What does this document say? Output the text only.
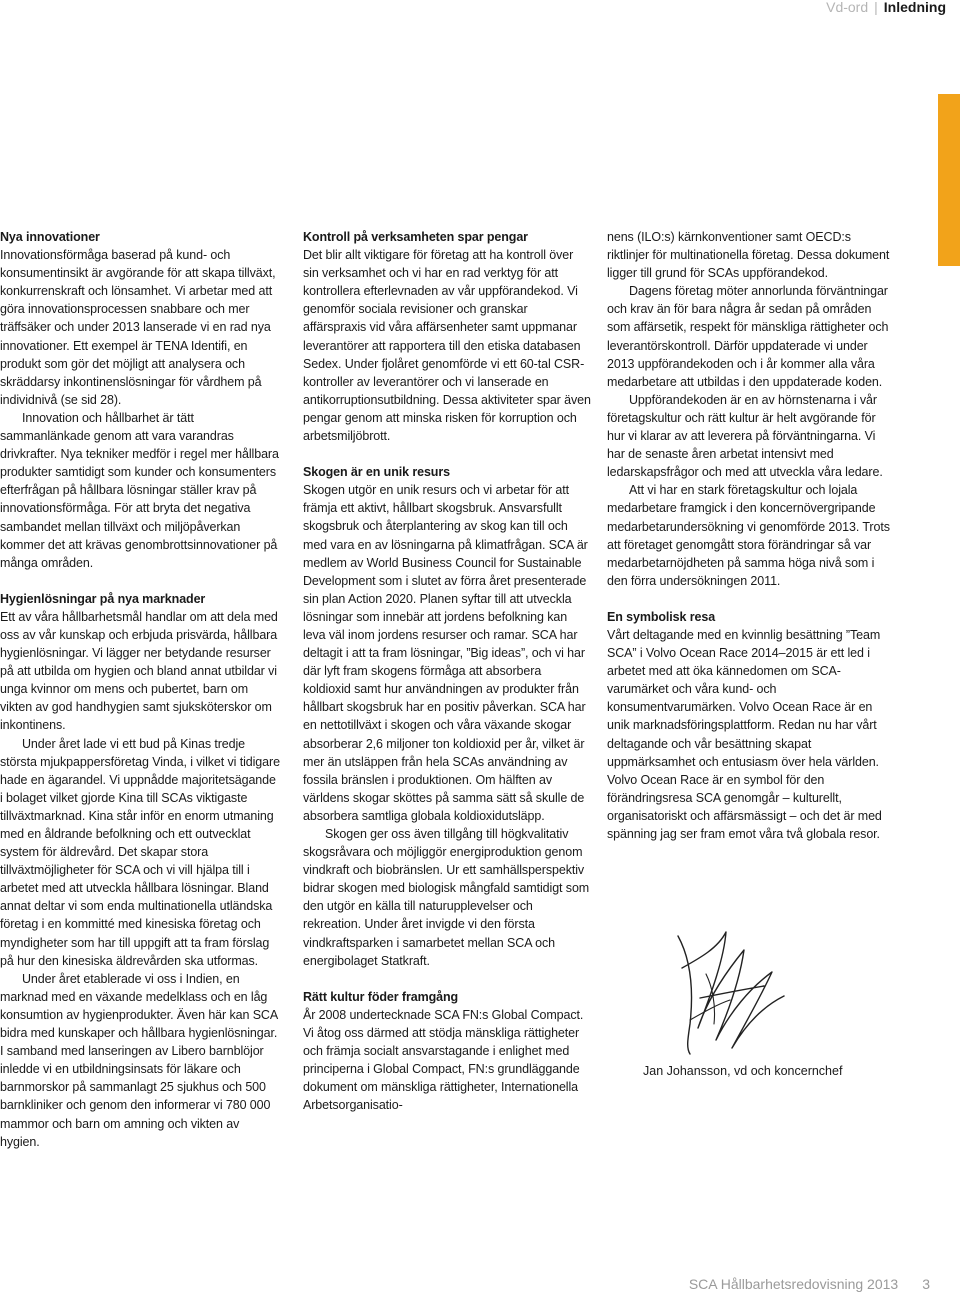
Vd-ord | Inledning
Nya innovationer

Innovationsförmåga baserad på kund- och konsumentinsikt är avgörande för att skapa tillväxt, konkurrenskraft och lönsamhet. Vi arbetar med att göra innovationsprocessen snabbare och mer träffsäker och under 2013 lanserade vi en rad nya innovationer. Ett exempel är TENA Identifi, en produkt som gör det möjligt att analysera och skräddarsy inkontinenslösningar för vårdhem på individnivå (se sid 28).

Innovation och hållbarhet är tätt sammanlänkade genom att vara varandras drivkrafter. Nya tekniker medför i regel mer hållbara produkter samtidigt som kunder och konsumenters efterfrågan på hållbara lösningar ställer krav på innovationsförmåga. För att bryta det negativa sambandet mellan tillväxt och miljöpåverkan kommer det att krävas genombrottsinnovationer på många områden.

Hygienlösningar på nya marknader

Ett av våra hållbarhetsmål handlar om att dela med oss av vår kunskap och erbjuda prisvärda, hållbara hygienlösningar. Vi lägger ner betydande resurser på att utbilda om hygien och bland annat utbildar vi unga kvinnor om mens och pubertet, barn om vikten av god handhygien samt sjuksköterskor om inkontinens.

Under året lade vi ett bud på Kinas tredje största mjukpappersföretag Vinda, i vilket vi tidigare hade en ägarandel. Vi uppnådde majoritetsägande i bolaget vilket gjorde Kina till SCAs viktigaste tillväxtmarknad. Kina står inför en enorm utmaning med en åldrande befolkning och ett outvecklat system för äldrevård. Det skapar stora tillväxtmöjligheter för SCA och vi vill hjälpa till i arbetet med att utveckla hållbara lösningar. Bland annat deltar vi som enda multinationella utländska företag i en kommitté med kinesiska företag och myndigheter som har till uppgift att ta fram förslag på hur den kinesiska äldrevården ska utformas.

Under året etablerade vi oss i Indien, en marknad med en växande medelklass och en låg konsumtion av hygienprodukter. Även här kan SCA bidra med kunskaper och hållbara hygienlösningar. I samband med lanseringen av Libero barnblöjor inledde vi en utbildningsinsats för läkare och barnmorskor på sammanlagt 25 sjukhus och 500 barnkliniker och genom den informerar vi 780 000 mammor och barn om amning och vikten av hygien.

Kontroll på verksamheten spar pengar

Det blir allt viktigare för företag att ha kontroll över sin verksamhet och vi har en rad verktyg för att kontrollera efterlevnaden av vår uppförandekod. Vi genomför sociala revisioner och granskar affärspraxis vid våra affärsenheter samt uppmanar leverantörer att rapportera till den etiska databasen Sedex. Under fjolåret genomförde vi ett 60-tal CSR-kontroller av leverantörer och vi lanserade en antikorruptionsutbildning. Dessa aktiviteter spar även pengar genom att minska risken för korruption och arbetsmiljöbrott.

Skogen är en unik resurs

Skogen utgör en unik resurs och vi arbetar för att främja ett aktivt, hållbart skogsbruk. Ansvarsfullt skogsbruk och återplantering av skog kan till och med vara en av lösningarna på klimatfrågan. SCA är medlem av World Business Council for Sustainable Development som i slutet av förra året presenterade sin plan Action 2020. Planen syftar till att utveckla lösningar som innebär att jordens befolkning kan leva väl inom jordens resurser och ramar. SCA har deltagit i att ta fram lösningar, ”Big ideas”, och vi har där lyft fram skogens förmåga att absorbera koldioxid samt hur användningen av produkter från hållbart skogsbruk har en positiv påverkan. SCA har en nettotillväxt i skogen och våra växande skogar absorberar 2,6 miljoner ton koldioxid per år, vilket är mer än utsläppen från hela SCAs användning av fossila bränslen i produktionen. Om hälften av världens skogar sköttes på samma sätt så skulle de absorbera samtliga globala koldioxidutsläpp.

Skogen ger oss även tillgång till högkvalitativ skogsråvara och möjliggör energiproduktion genom vindkraft och biobränslen. Ur ett samhällsperspektiv bidrar skogen med biologisk mångfald samtidigt som den utgör en källa till naturupplevelser och rekreation. Under året invigde vi den första vindkraftsparken i samarbetet mellan SCA och energibolaget Statkraft.

Rätt kultur föder framgång

År 2008 undertecknade SCA FN:s Global Compact. Vi åtog oss därmed att stödja mänskliga rättigheter och främja socialt ansvarstagande i enlighet med principerna i Global Compact, FN:s grundläggande dokument om mänskliga rättigheter, Internationella Arbetsorganisatio-

nens (ILO:s) kärnkonventioner samt OECD:s riktlinjer för multinationella företag. Dessa dokument ligger till grund för SCAs uppförandekod.

Dagens företag möter annorlunda förväntningar och krav än för bara några år sedan på områden som affärsetik, respekt för mänskliga rättigheter och leverantörskontroll. Därför uppdaterade vi under 2013 uppförandekoden och i år kommer alla våra medarbetare att utbildas i den uppdaterade koden.

Uppförandekoden är en av hörnstenarna i vår företagskultur och rätt kultur är helt avgörande för hur vi klarar av att leverera på förväntningarna. Vi har de senaste åren arbetat intensivt med ledarskapsfrågor och med att utveckla våra ledare.

Att vi har en stark företagskultur och lojala medarbetare framgick i den koncernövergripande medarbetarundersökning vi genomförde 2013. Trots att företaget genomgått stora förändringar så var medarbetarnöjdheten på samma höga nivå som i den förra undersökningen 2011.

En symbolisk resa

Vårt deltagande med en kvinnlig besättning ”Team SCA” i Volvo Ocean Race 2014–2015 är ett led i arbetet med att öka kännedomen om SCA-varumärket och våra kund- och konsumentvarumärken. Volvo Ocean Race är en unik marknadsföringsplattform. Redan nu har vårt deltagande och vår besättning skapat uppmärksamhet och entusiasm över hela världen. Volvo Ocean Race är en symbol för den förändringsresa SCA genomgår – kulturellt, organisatoriskt och affärsmässigt – och det är med spänning jag ser fram emot våra två globala resor.

Jan Johansson, vd och koncernchef
SCA Hållbarhetsredovisning 2013 3
